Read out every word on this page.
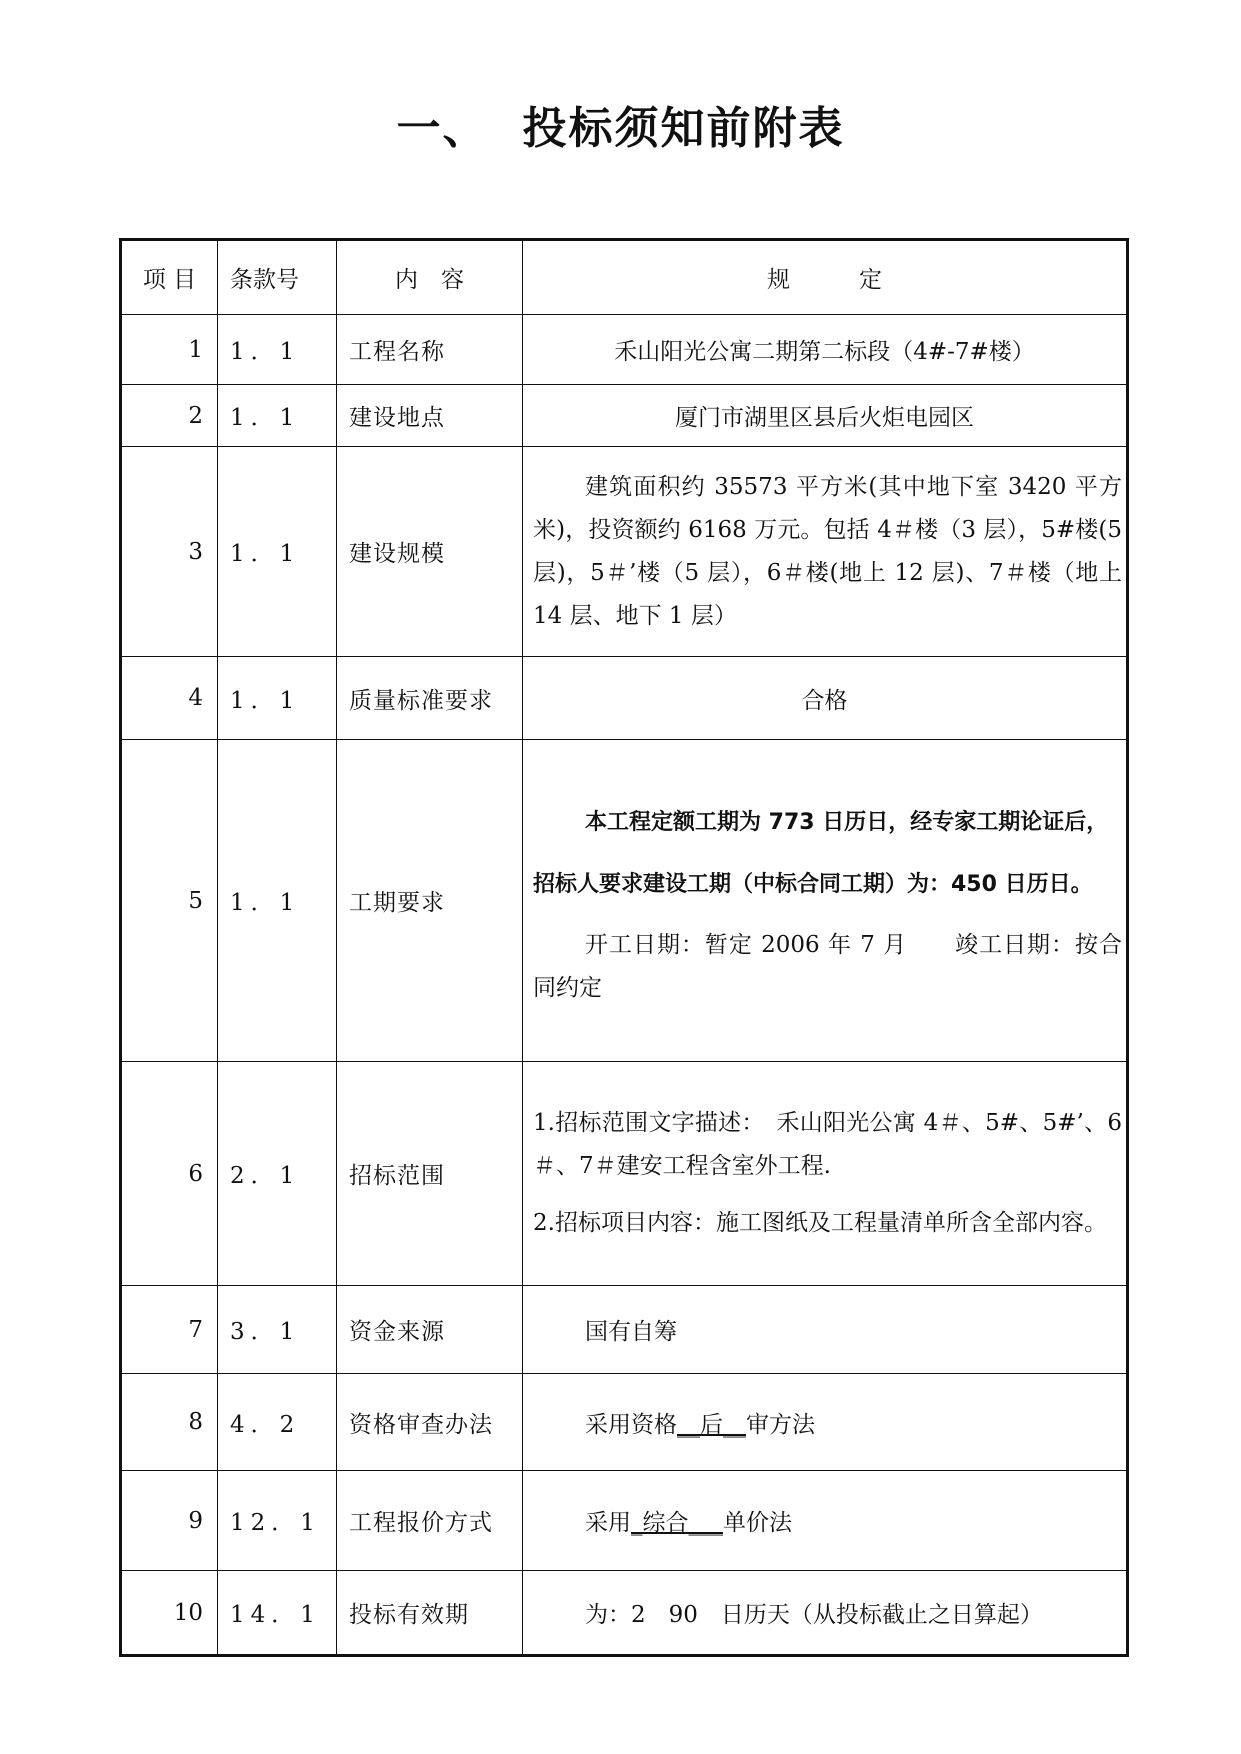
一、 投标须知前附表
项 目	条款号	内　容	规　　　定
1	1．1	工程名称	禾山阳光公寓二期第二标段（4#-7#楼）
2	1．1	建设地点	厦门市湖里区县后火炬电园区
3	1．1	建设规模	建筑面积约 35573 平方米(其中地下室 3420 平方米)，投资额约 6168 万元。包括 4＃楼（3 层），5#楼(5 层)，5＃’楼（5 层），6＃楼(地上 12 层)、7＃楼（地上 14 层、地下 1 层）

4	1．1	质量标准要求	合格
5	1．1	工期要求	本工程定额工期为 773 日历日，经专家工期论证后，招标人要求建设工期（中标合同工期）为：450 日历日。

开工日期：暂定 2006 年 7 月　　竣工日期：按合同约定

6	2．1	招标范围	1.招标范围文字描述：　禾山阳光公寓 4＃、5#、5#’、6＃、7＃建安工程含室外工程.

2.招标项目内容：施工图纸及工程量清单所含全部内容。

7	3．1	资金来源	国有自筹
8	4．2	资格审查办法	采用资格__后__审方法
9	12．1	工程报价方式	采用_综合___单价法
10	14．1	投标有效期	为：2　90　日历天（从投标截止之日算起）
